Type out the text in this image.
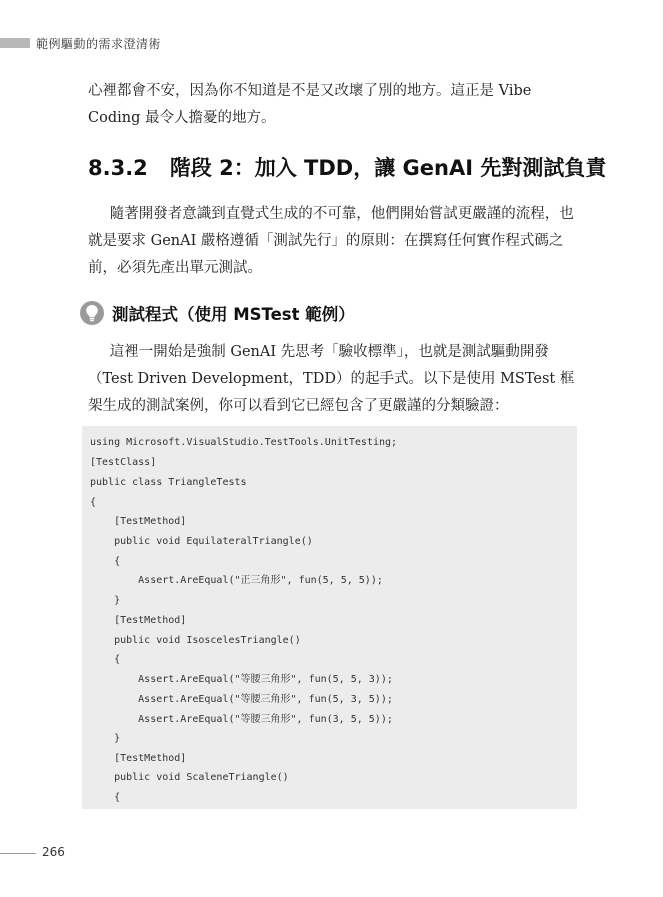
範例驅動的需求澄清術

心裡都會不安，因為你不知道是不是又改壞了別的地方。這正是 Vibe Coding 最令人擔憂的地方。

8.3.2 階段 2：加入 TDD，讓 GenAI 先對測試負責

隨著開發者意識到直覺式生成的不可靠，他們開始嘗試更嚴謹的流程，也就是要求 GenAI 嚴格遵循「測試先行」的原則：在撰寫任何實作程式碼之前，必須先產出單元測試。

測試程式（使用 MSTest 範例）

這裡一開始是強制 GenAI 先思考「驗收標準」，也就是測試驅動開發（Test Driven Development，TDD）的起手式。以下是使用 MSTest 框架生成的測試案例，你可以看到它已經包含了更嚴謹的分類驗證：

using Microsoft.VisualStudio.TestTools.UnitTesting;
[TestClass]
public class TriangleTests
{
[TestMethod]
public void EquilateralTriangle()
{
Assert.AreEqual("正三角形", fun(5, 5, 5));
}
[TestMethod]
public void IsoscelesTriangle()
{
Assert.AreEqual("等腰三角形", fun(5, 5, 3));
Assert.AreEqual("等腰三角形", fun(5, 3, 5));
Assert.AreEqual("等腰三角形", fun(3, 5, 5));
}
[TestMethod]
public void ScaleneTriangle()
{
266
